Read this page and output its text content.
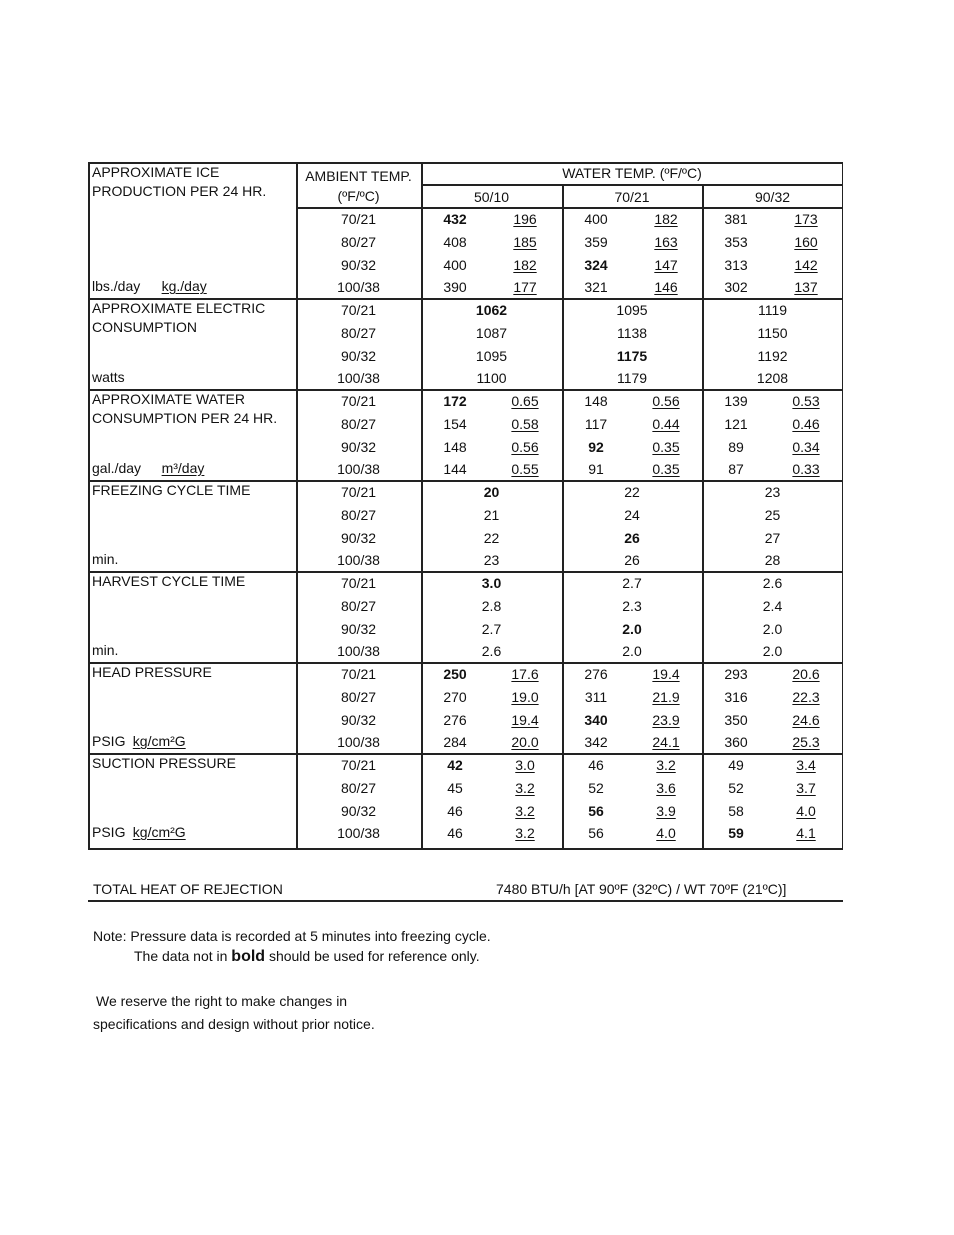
AMBIENT TEMP.
(ºF/ºC)
WATER TEMP. (ºF/ºC)
50/10	70/21	90/32
APPROXIMATE ICE
PRODUCTION PER 24 HR.
lbs./day kg./day
70/21	432	196	400	182	381	173
80/27	408	185	359	163	353	160
90/32	400	182	324	147	313	142
100/38	390	177	321	146	302	137
APPROXIMATE ELECTRIC
CONSUMPTION
watts
70/21	1062	1095	1119
80/27	1087	1138	1150
90/32	1095	1175	1192
100/38	1100	1179	1208
APPROXIMATE WATER
CONSUMPTION PER 24 HR.
gal./day m³/day
70/21	172	0.65	148	0.56	139	0.53
80/27	154	0.58	117	0.44	121	0.46
90/32	148	0.56	92	0.35	89	0.34
100/38	144	0.55	91	0.35	87	0.33
FREEZING CYCLE TIME
min.
70/21	20	22	23
80/27	21	24	25
90/32	22	26	27
100/38	23	26	28
HARVEST CYCLE TIME
min.
70/21	3.0	2.7	2.6
80/27	2.8	2.3	2.4
90/32	2.7	2.0	2.0
100/38	2.6	2.0	2.0
HEAD PRESSURE
PSIG kg/cm²G
70/21	250	17.6	276	19.4	293	20.6
80/27	270	19.0	311	21.9	316	22.3
90/32	276	19.4	340	23.9	350	24.6
100/38	284	20.0	342	24.1	360	25.3
SUCTION PRESSURE
PSIG kg/cm²G
70/21	42	3.0	46	3.2	49	3.4
80/27	45	3.2	52	3.6	52	3.7
90/32	46	3.2	56	3.9	58	4.0
100/38	46	3.2	56	4.0	59	4.1
TOTAL HEAT OF REJECTION	7480 BTU/h [AT 90ºF (32ºC) / WT 70ºF (21ºC)]
Note: Pressure data is recorded at 5 minutes into freezing cycle.
The data not in bold should be used for reference only.
We reserve the right to make changes in
specifications and design without prior notice.
